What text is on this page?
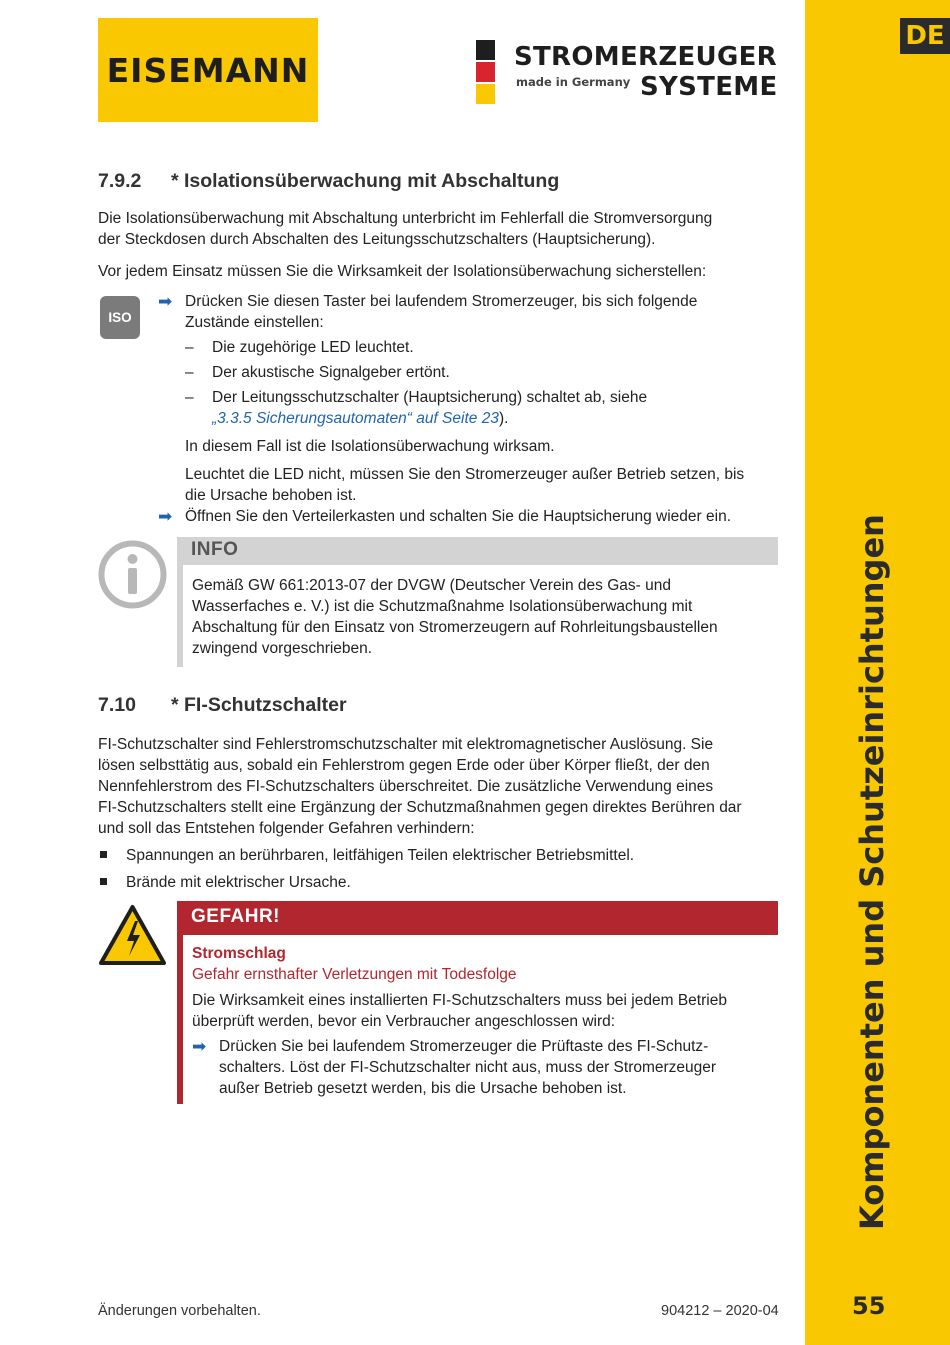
DE
Komponenten und Schutzeinrichtungen
55
EISEMANN	STROMERZEUGER
made in Germany SYSTEME
7.9.2 * Isolationsüberwachung mit Abschaltung
Die Isolationsüberwachung mit Abschaltung unterbricht im Fehlerfall die Stromversorgung
der Steckdosen durch Abschalten des Leitungsschutzschalters (Hauptsicherung).
Vor jedem Einsatz müssen Sie die Wirksamkeit der Isolationsüberwachung sicherstellen:
ISO
➡ Drücken Sie diesen Taster bei laufendem Stromerzeuger, bis sich folgende
Zustände einstellen:
– Die zugehörige LED leuchtet.
– Der akustische Signalgeber ertönt.
– Der Leitungsschutzschalter (Hauptsicherung) schaltet ab, siehe
„3.3.5 Sicherungsautomaten“ auf Seite 23).
In diesem Fall ist die Isolationsüberwachung wirksam.
Leuchtet die LED nicht, müssen Sie den Stromerzeuger außer Betrieb setzen, bis
die Ursache behoben ist.
➡ Öffnen Sie den Verteilerkasten und schalten Sie die Hauptsicherung wieder ein.
INFO
Gemäß GW 661:2013-07 der DVGW (Deutscher Verein des Gas- und
Wasserfaches e. V.) ist die Schutzmaßnahme Isolationsüberwachung mit
Abschaltung für den Einsatz von Stromerzeugern auf Rohrleitungsbaustellen
zwingend vorgeschrieben.
7.10 * FI-Schutzschalter
FI-Schutzschalter sind Fehlerstromschutzschalter mit elektromagnetischer Auslösung. Sie
lösen selbsttätig aus, sobald ein Fehlerstrom gegen Erde oder über Körper fließt, der den
Nennfehlerstrom des FI-Schutzschalters überschreitet. Die zusätzliche Verwendung eines
FI-Schutzschalters stellt eine Ergänzung der Schutzmaßnahmen gegen direktes Berühren dar
und soll das Entstehen folgender Gefahren verhindern:
Spannungen an berührbaren, leitfähigen Teilen elektrischer Betriebsmittel.
Brände mit elektrischer Ursache.
GEFAHR!
Stromschlag
Gefahr ernsthafter Verletzungen mit Todesfolge
Die Wirksamkeit eines installierten FI-Schutzschalters muss bei jedem Betrieb
überprüft werden, bevor ein Verbraucher angeschlossen wird:
➡ Drücken Sie bei laufendem Stromerzeuger die Prüftaste des FI-Schutz-
schalters. Löst der FI-Schutzschalter nicht aus, muss der Stromerzeuger
außer Betrieb gesetzt werden, bis die Ursache behoben ist.
Änderungen vorbehalten.	904212 – 2020-04
